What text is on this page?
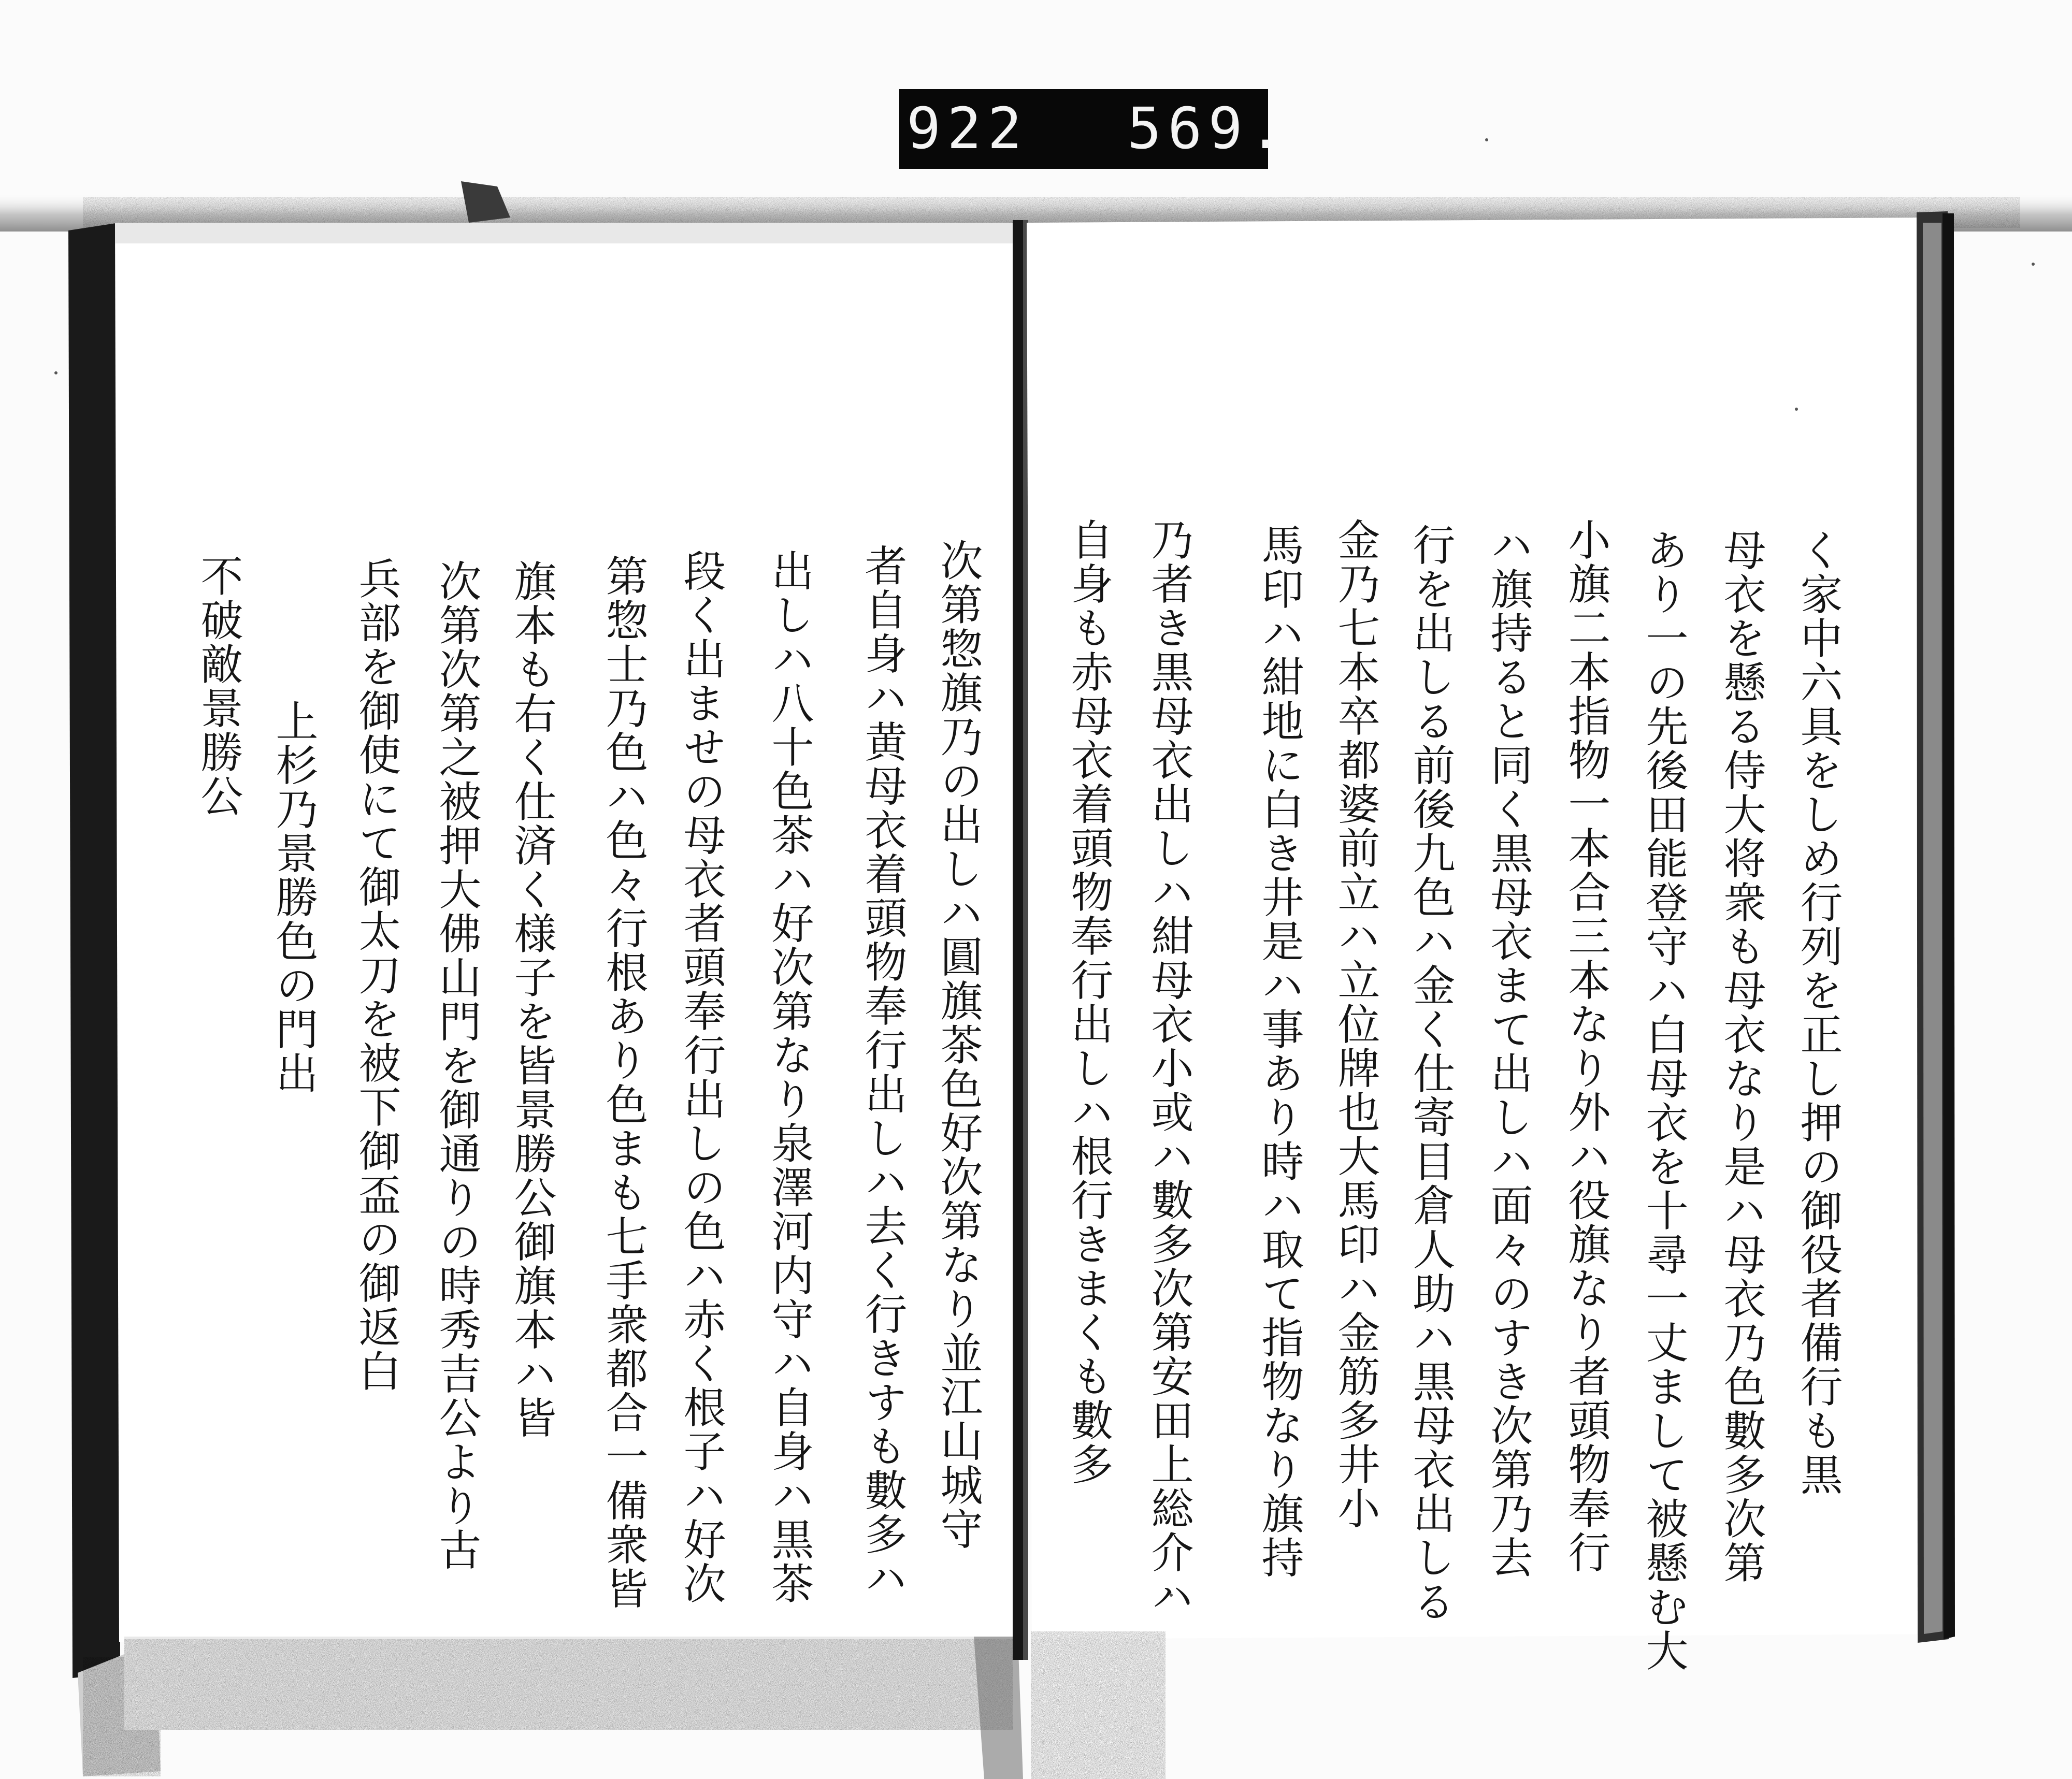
922 569.
く家中六具をしめ行列を正し押の御役者備行も黒
母衣を懸る侍大将衆も母衣なり是ハ母衣乃色數多次第
あり一の先後田能登守ハ白母衣を十尋一丈まして被懸む大
小旗二本指物一本合三本なり外ハ役旗なり者頭物奉行
ハ旗持ると同く黒母衣まて出しハ面々のすき次第乃去
行を出しる前後九色ハ金く仕寄目倉人助ハ黒母衣出しる
金乃七本卒都婆前立ハ立位牌也大馬印ハ金筋多井小
馬印ハ紺地に白き井是ハ事あり時ハ取て指物なり旗持
乃者き黒母衣出しハ紺母衣小或ハ數多次第安田上総介ハ
自身も赤母衣着頭物奉行出しハ根行きまくも數多
次第惣旗乃の出しハ圓旗茶色好次第なり並江山城守
者自身ハ黄母衣着頭物奉行出しハ去く行きすも數多ハ
出しハ八十色茶ハ好次第なり泉澤河内守ハ自身ハ黒茶
段く出ませの母衣者頭奉行出しの色ハ赤く根子ハ好次
第惣士乃色ハ色々行根あり色まも七手衆都合一備衆皆
旗本も右く仕済く様子を皆景勝公御旗本ハ皆
次第次第之被押大佛山門を御通りの時秀吉公より古
兵部を御使にて御太刀を被下御盃の御返白
上杉乃景勝色の門出
不破敵景勝公
